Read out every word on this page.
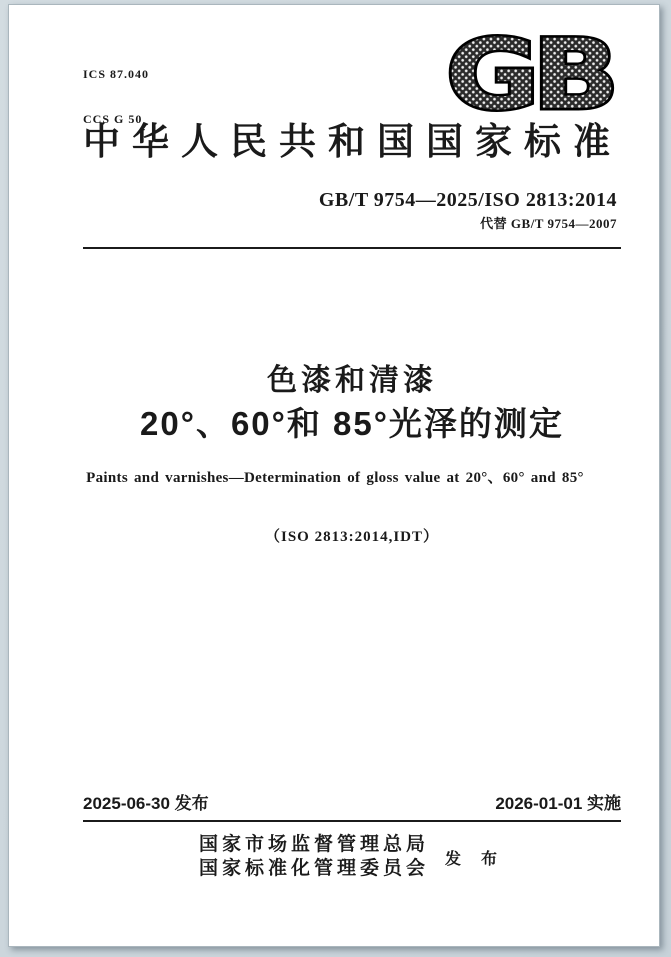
ICS 87.040

CCS G 50

	GB
中华人民共和国国家标准
GB/T 9754—2025/ISO 2813:2014
代替 GB/T 9754—2007
色漆和清漆
20°、60°和 85°光泽的测定
Paints and varnishes—Determination of gloss value at 20°、60° and 85°
（ISO 2813:2014,IDT）
2025-06-30 发布	2026-01-01 实施
国家市场监督管理总局
国家标准化管理委员会 发 布
